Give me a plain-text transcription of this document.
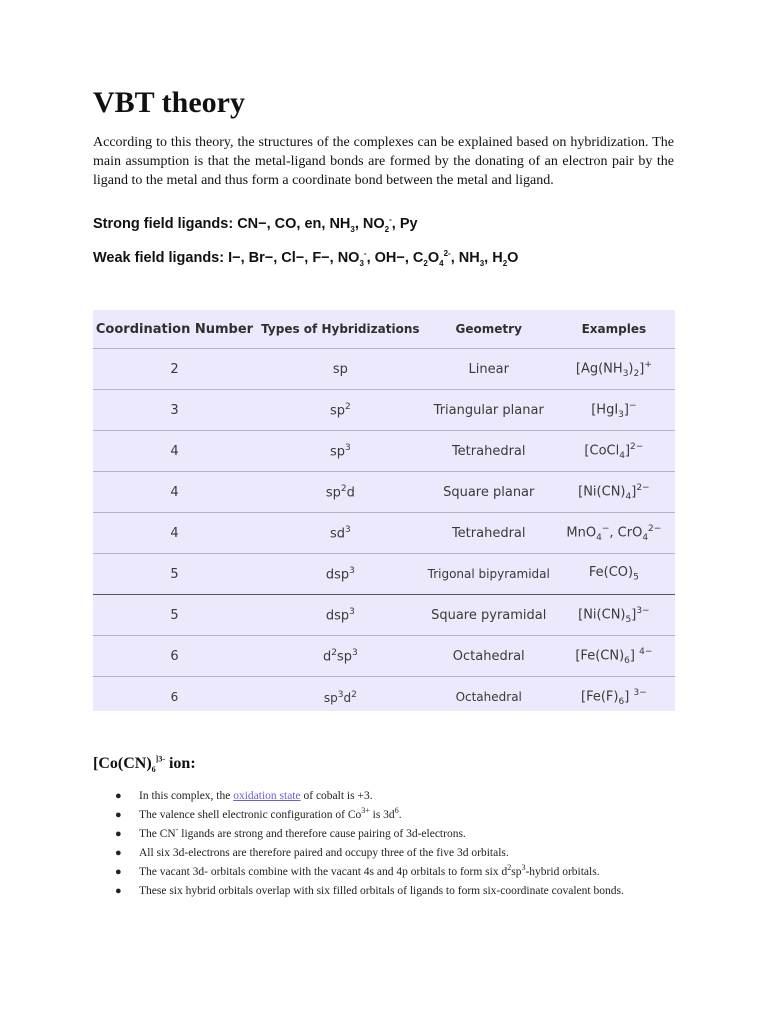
VBT theory

According to this theory, the structures of the complexes can be explained based on hybridization. The main assumption is that the metal-ligand bonds are formed by the donating of an electron pair by the ligand to the metal and thus form a coordinate bond between the metal and ligand.

Strong field ligands: CN−, CO, en, $NH_3$, $NO_2^-$, Py

Weak field ligands: I−, Br−, Cl−, F−, $NO_3^-$, OH−, $C_2O_4^{2-}$, $NH_3$, $H_2O$

Coordination Number	Types of Hybridizations	Geometry	Examples
2	sp	Linear	$[Ag(NH_3)_2]^+$
3	$sp^2$	Triangular planar	[HgI$_3$]−
4	$sp^3$	Tetrahedral	[CoCl$_4$]$^{2-}$
4	$sp^2d$	Square planar	$[Ni(CN)_4]^{2-}$
4	$sd^3$	Tetrahedral	MnO$_4$−, CrO$_4^{2-}$
5	dsp$^3$	Trigonal bipyramidal	$Fe(CO)_5$
5	dsp$^3$	Square pyramidal	$[Ni(CN)_5]^{3-}$
6	$d^2sp^3$	Octahedral	$[Fe(CN)_6]$ $^{4-}$
6	$sp^3d^2$	Octahedral	$[Fe(F)_6]$ $^{3-}$
[$Co(CN)_6^{]3-}$ ion:
● In this complex, the oxidation state of cobalt is +3.
● The valence shell electronic configuration of $Co^{3+}$ is $3d^6$.
● The CN- ligands are strong and therefore cause pairing of 3d-electrons.
● All six 3d-electrons are therefore paired and occupy three of the five 3d orbitals.
● The vacant 3d- orbitals combine with the vacant 4s and 4p orbitals to form six $d^2sp^3$-hybrid orbitals.
● These six hybrid orbitals overlap with six filled orbitals of ligands to form six-coordinate covalent bonds.
